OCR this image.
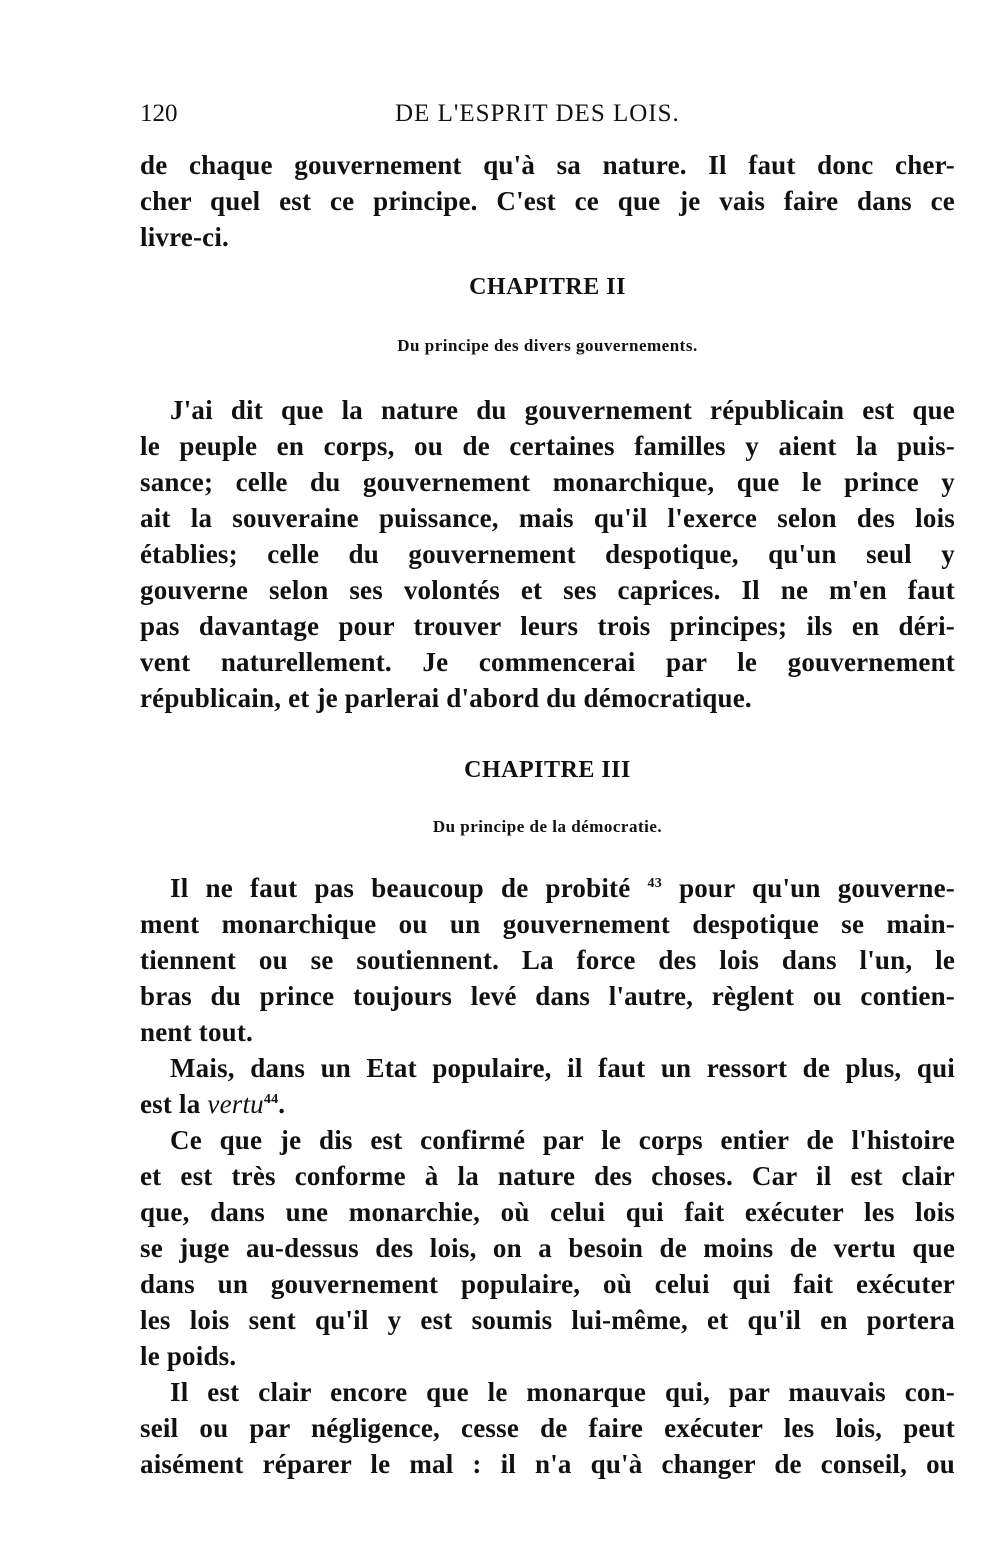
120	DE L'ESPRIT DES LOIS.
de chaque gouvernement qu'à sa nature. Il faut donc cher-
cher quel est ce principe. C'est ce que je vais faire dans ce
livre-ci.
CHAPITRE II
Du principe des divers gouvernements.
J'ai dit que la nature du gouvernement républicain est que
le peuple en corps, ou de certaines familles y aient la puis-
sance; celle du gouvernement monarchique, que le prince y
ait la souveraine puissance, mais qu'il l'exerce selon des lois
établies; celle du gouvernement despotique, qu'un seul y
gouverne selon ses volontés et ses caprices. Il ne m'en faut
pas davantage pour trouver leurs trois principes; ils en déri-
vent naturellement. Je commencerai par le gouvernement
républicain, et je parlerai d'abord du démocratique.
CHAPITRE III
Du principe de la démocratie.
Il ne faut pas beaucoup de probité $^{43}$ pour qu'un gouverne-
ment monarchique ou un gouvernement despotique se main-
tiennent ou se soutiennent. La force des lois dans l'un, le
bras du prince toujours levé dans l'autre, règlent ou contien-
nent tout.
Mais, dans un Etat populaire, il faut un ressort de plus, qui
est la vertu$^{44}$.
Ce que je dis est confirmé par le corps entier de l'histoire
et est très conforme à la nature des choses. Car il est clair
que, dans une monarchie, où celui qui fait exécuter les lois
se juge au-dessus des lois, on a besoin de moins de vertu que
dans un gouvernement populaire, où celui qui fait exécuter
les lois sent qu'il y est soumis lui-même, et qu'il en portera
le poids.
Il est clair encore que le monarque qui, par mauvais con-
seil ou par négligence, cesse de faire exécuter les lois, peut
aisément réparer le mal : il n'a qu'à changer de conseil, ou
